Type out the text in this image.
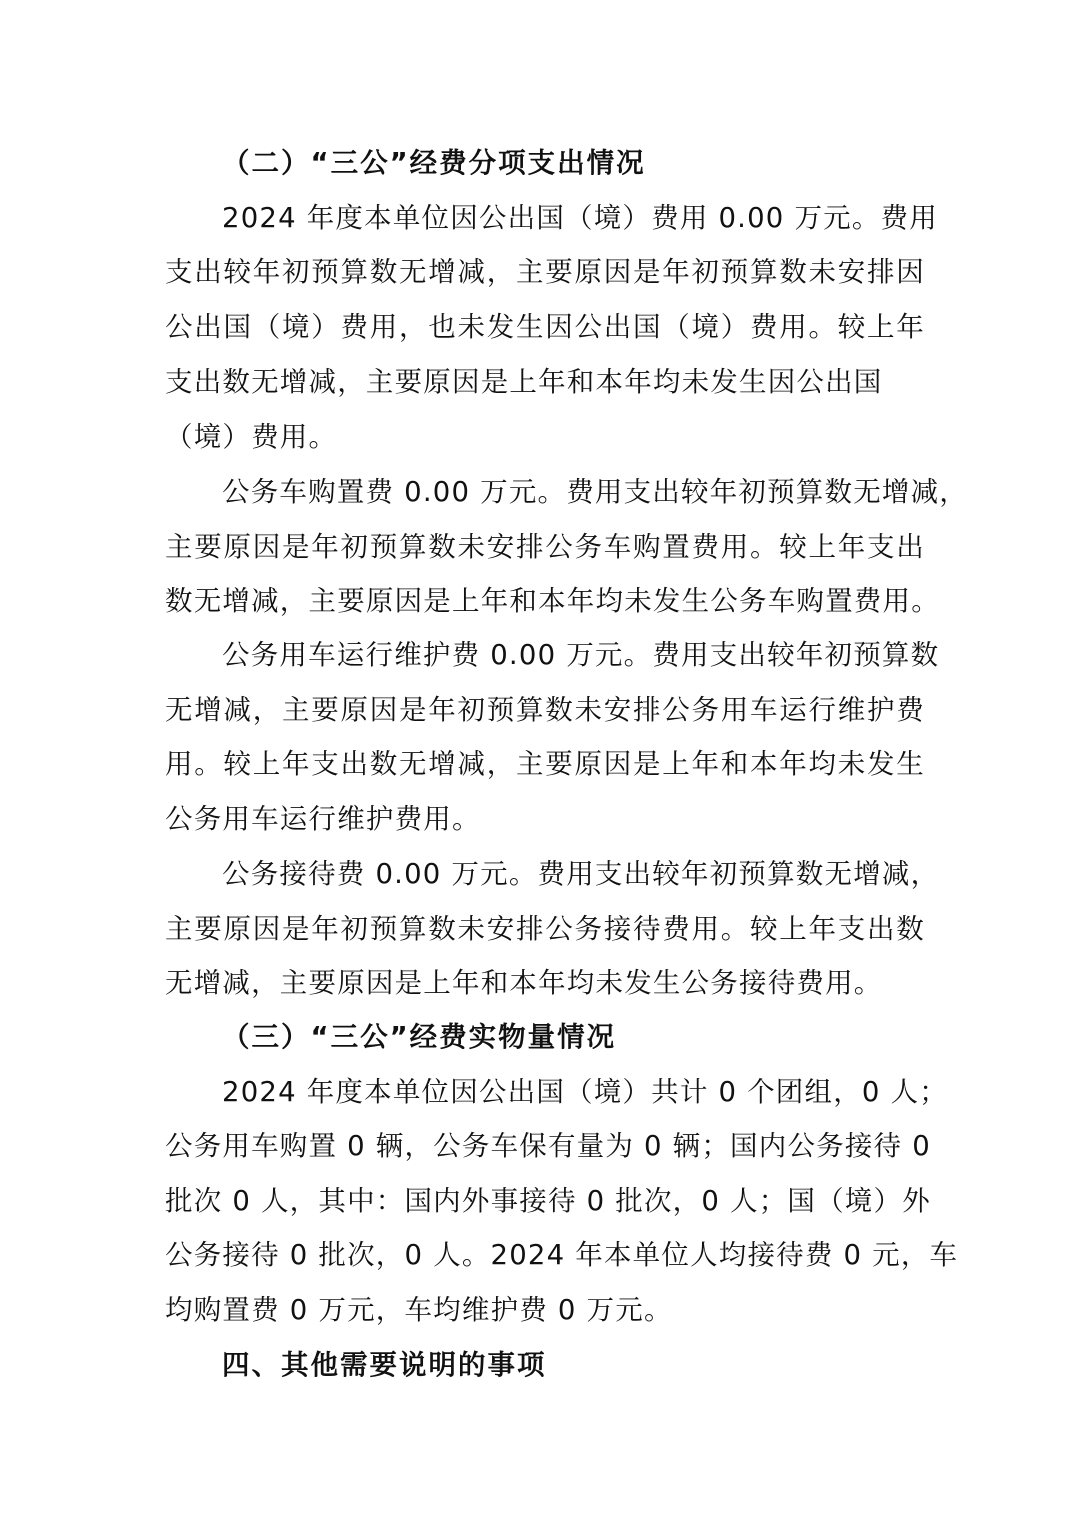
（二）“三公”经费分项支出情况

2024 年度本单位因公出国（境）费用 0.00 万元。费用

支出较年初预算数无增减，主要原因是年初预算数未安排因

公出国（境）费用，也未发生因公出国（境）费用。较上年

支出数无增减，主要原因是上年和本年均未发生因公出国

（境）费用。

公务车购置费 0.00 万元。费用支出较年初预算数无增减，

主要原因是年初预算数未安排公务车购置费用。较上年支出

数无增减，主要原因是上年和本年均未发生公务车购置费用。

公务用车运行维护费 0.00 万元。费用支出较年初预算数

无增减，主要原因是年初预算数未安排公务用车运行维护费

用。较上年支出数无增减，主要原因是上年和本年均未发生

公务用车运行维护费用。

公务接待费 0.00 万元。费用支出较年初预算数无增减，

主要原因是年初预算数未安排公务接待费用。较上年支出数

无增减，主要原因是上年和本年均未发生公务接待费用。

（三）“三公”经费实物量情况

2024 年度本单位因公出国（境）共计 0 个团组，0 人；

公务用车购置 0 辆，公务车保有量为 0 辆；国内公务接待 0

批次 0 人，其中：国内外事接待 0 批次，0 人；国（境）外

公务接待 0 批次，0 人。2024 年本单位人均接待费 0 元，车

均购置费 0 万元，车均维护费 0 万元。

四、其他需要说明的事项
